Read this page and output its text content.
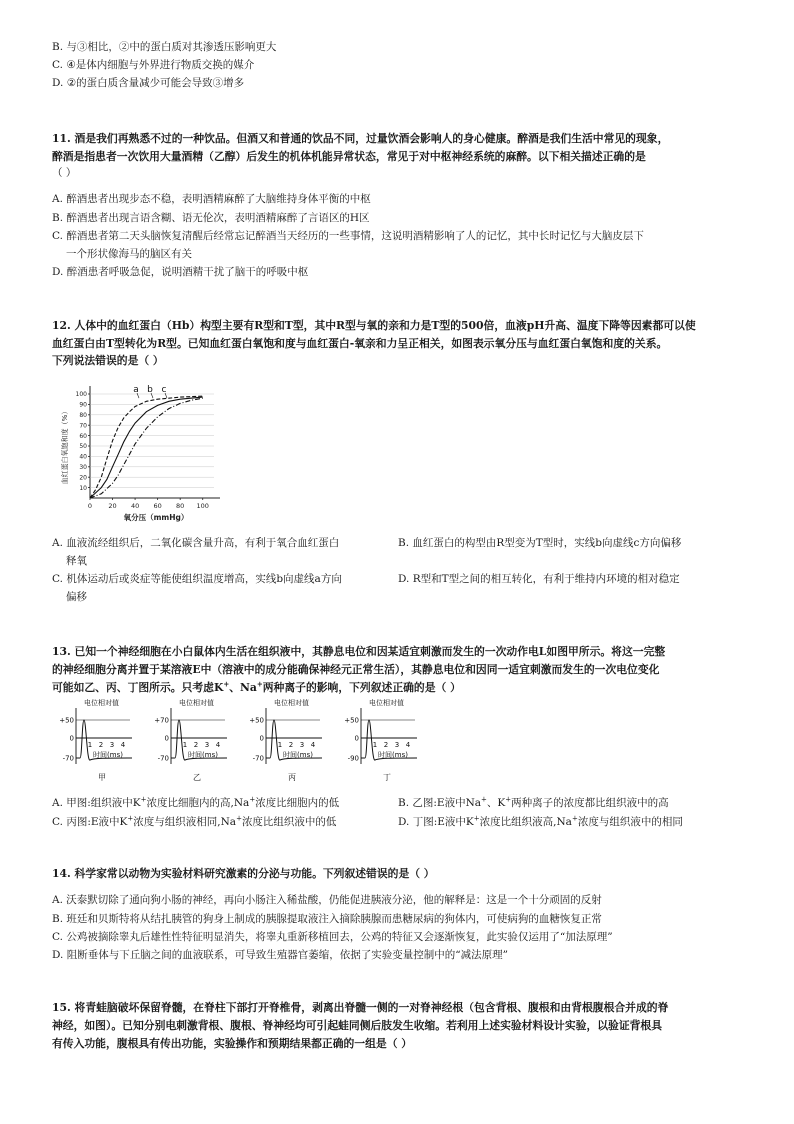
B. 与③相比，②中的蛋白质对其渗透压影响更大
C. ④是体内细胞与外界进行物质交换的媒介
D. ②的蛋白质含量减少可能会导致③增多
11. 酒是我们再熟悉不过的一种饮品。但酒又和普通的饮品不同，过量饮酒会影响人的身心健康。醉酒是我们生活中常见的现象，
醉酒是指患者一次饮用大量酒精（乙醇）后发生的机体机能异常状态，常见于对中枢神经系统的麻醉。以下相关描述正确的是
（ ）
A. 醉酒患者出现步态不稳，表明酒精麻醉了大脑维持身体平衡的中枢
B. 醉酒患者出现言语含糊、语无伦次，表明酒精麻醉了言语区的H区
C. 醉酒患者第二天头脑恢复清醒后经常忘记醉酒当天经历的一些事情，这说明酒精影响了人的记忆，其中长时记忆与大脑皮层下
一个形状像海马的脑区有关
D. 醉酒患者呼吸急促，说明酒精干扰了脑干的呼吸中枢
12. 人体中的血红蛋白（Hb）构型主要有R型和T型，其中R型与氧的亲和力是T型的500倍，血液pH升高、温度下降等因素都可以使
血红蛋白由T型转化为R型。已知血红蛋白氧饱和度与血红蛋白-氧亲和力呈正相关，如图表示氧分压与血红蛋白氧饱和度的关系。
下列说法错误的是（ ）
0	20 40 60 80 100
10
20
30
40
50
60
70
80
90
100
氧分压（mmHg）
血红蛋白氧饱和度（%）
a b c
A. 血液流经组织后，二氧化碳含量升高，有利于氧合血红蛋白
释氧
B. 血红蛋白的构型由R型变为T型时，实线b向虚线c方向偏移
C. 机体运动后或炎症等能使组织温度增高，实线b向虚线a方向
偏移
D. R型和T型之间的相互转化，有利于维持内环境的相对稳定
13. 已知一个神经细胞在小白鼠体内生活在组织液中，其静息电位和因某适宜刺激而发生的一次动作电L如图甲所示。将这一完整
的神经细胞分离并置于某溶液E中（溶液中的成分能确保神经元正常生活），其静息电位和因同一适宜刺激而发生的一次电位变化
可能如乙、丙、丁图所示。只考虑K+、Na+两种离子的影响，下列叙述正确的是（ ）
电位相对值
+50
0
-70
1 2 3 4
时间(ms)
甲
电位相对值
+70
0
-70
1 2 3 4
时间(ms)
乙
电位相对值
+50
0
-70
1 2 3 4
时间(ms)
丙
电位相对值
+50
0
-90
1 2 3 4
时间(ms)
丁
A. 甲图:组织液中K+浓度比细胞内的高,Na+浓度比细胞内的低	B. 乙图:E液中Na+、K+两种离子的浓度都比组织液中的高
C. 丙图:E液中K+浓度与组织液相同,Na+浓度比组织液中的低	D. 丁图:E液中K+浓度比组织液高,Na+浓度与组织液中的相同
14. 科学家常以动物为实验材料研究激素的分泌与功能。下列叙述错误的是（ ）
A. 沃泰默切除了通向狗小肠的神经，再向小肠注入稀盐酸，仍能促进胰液分泌，他的解释是：这是一个十分顽固的反射
B. 班廷和贝斯特将从结扎胰管的狗身上制成的胰腺提取液注入摘除胰腺而患糖尿病的狗体内，可使病狗的血糖恢复正常
C. 公鸡被摘除睾丸后雄性性特征明显消失，将睾丸重新移植回去，公鸡的特征又会逐渐恢复，此实验仅运用了“加法原理”
D. 阻断垂体与下丘脑之间的血液联系，可导致生殖器官萎缩，依据了实验变量控制中的“减法原理”
15. 将青蛙脑破坏保留脊髓，在脊柱下部打开脊椎骨，剥离出脊髓一侧的一对脊神经根（包含背根、腹根和由背根腹根合并成的脊
神经，如图）。已知分别电刺激背根、腹根、脊神经均可引起蛙同侧后肢发生收缩。若利用上述实验材料设计实验，以验证背根具
有传入功能，腹根具有传出功能，实验操作和预期结果都正确的一组是（ ）
